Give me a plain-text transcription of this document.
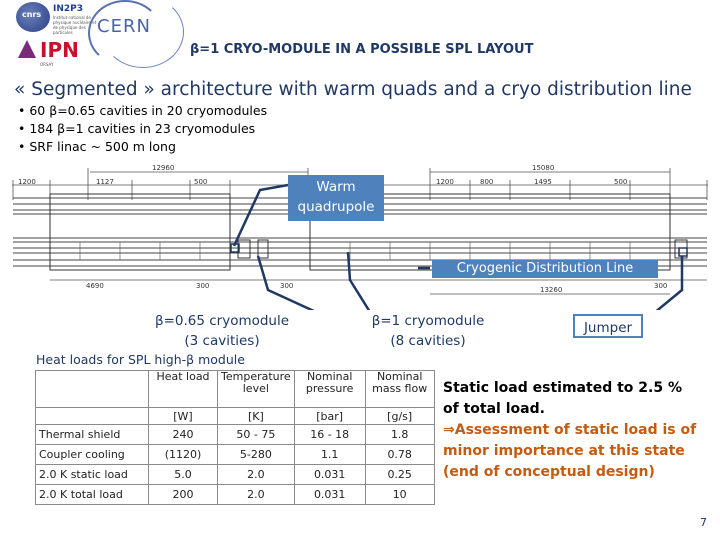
cnrs
IN2P3
Institut national de physique nucléaire et de physique des particules	CERN
IPN
ORSAY
β=1 CRYO-MODULE IN A POSSIBLE SPL LAYOUT
« Segmented » architecture with warm quads and a cryo distribution line
• 60 β=0.65 cavities in 20 cryomodules
• 184 β=1 cavities in 23 cryomodules
• SRF linac ~ 500 m long
1200	1127
12960
500
15080
1200	800	1495	500
4690	300	300	13260	300
Warm
quadrupole
Cryogenic Distribution Line
β=0.65 cryomodule
(3 cavities)
β=1 cryomodule
(8 cavities)
Jumper
Heat loads for SPL high-β module
	Heat load	Temperature level	Nominal pressure	Nominal mass flow
	[W]	[K]	[bar]	[g/s]
Thermal shield	240	50 - 75	16 - 18	1.8
Coupler cooling	(1120)	5-280	1.1	0.78
2.0 K static load	5.0	2.0	0.031	0.25
2.0 K total load	200	2.0	0.031	10
Static load estimated to 2.5 % of total load.
⇒Assessment of static load is of minor importance at this state (end of conceptual design)
7
